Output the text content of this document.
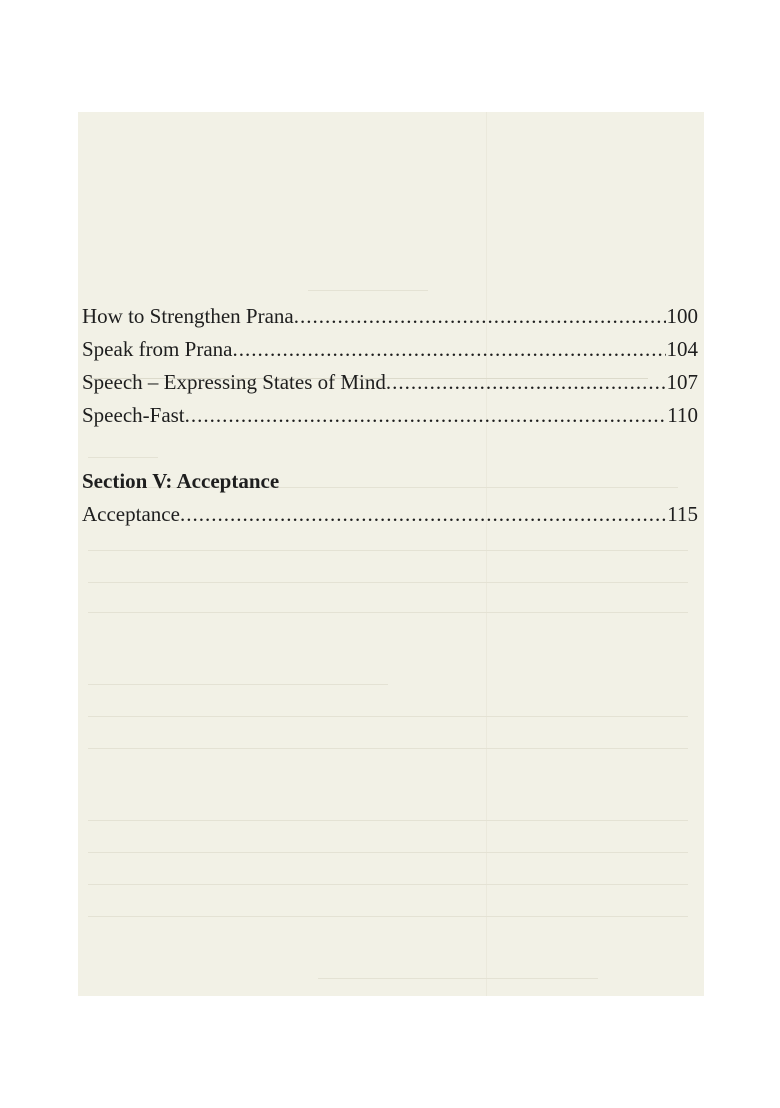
How to Strengthen Prana .....	100
Speak from Prana .....	104
Speech – Expressing States of Mind .....	107
Speech-Fast .....	110
Section V: Acceptance
Acceptance .....	115
